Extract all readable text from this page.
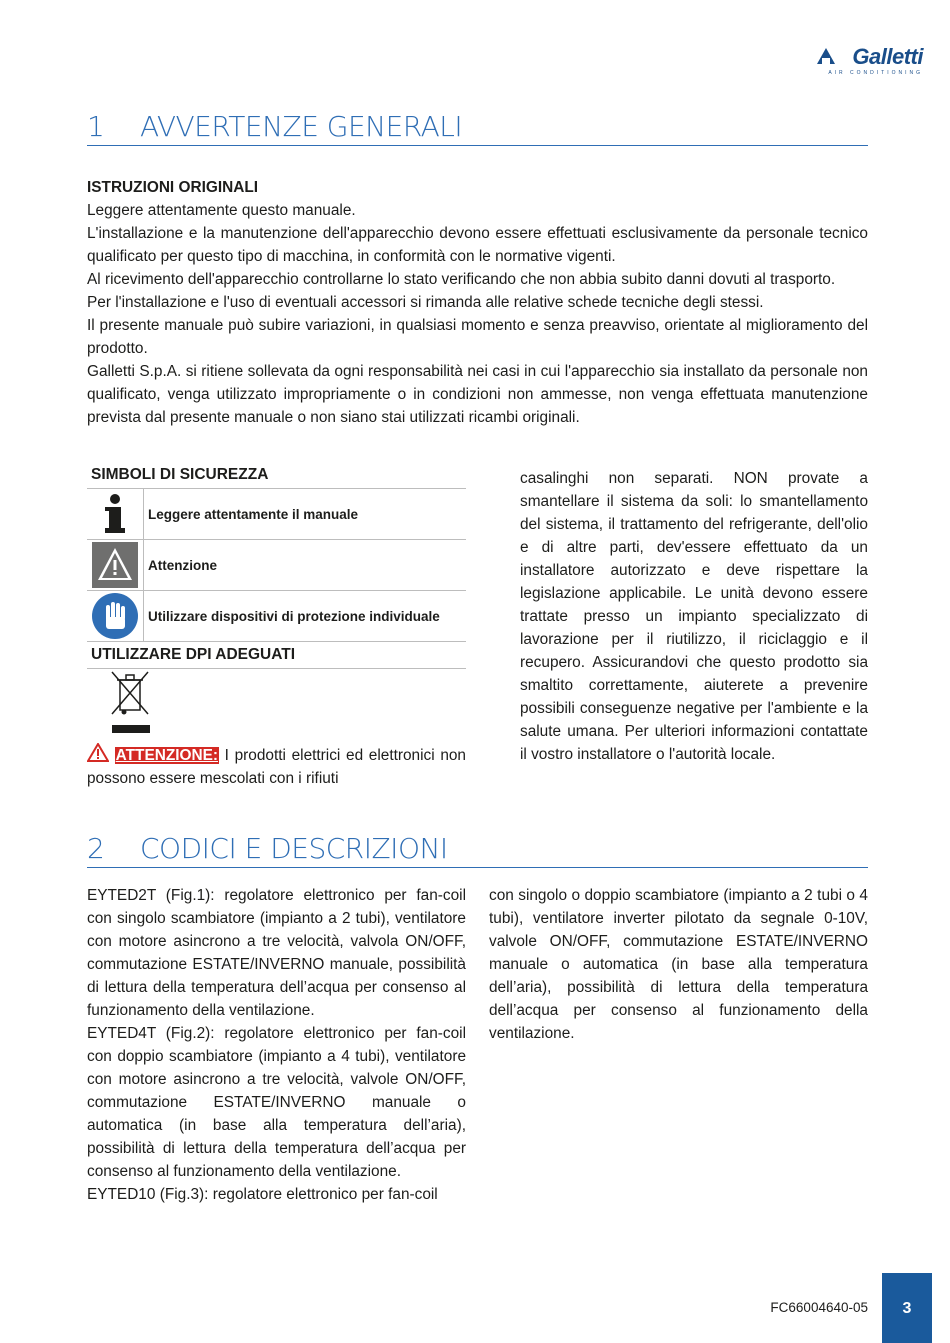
Galletti
AIR CONDITIONING
1	AVVERTENZE GENERALI

ISTRUZIONI ORIGINALI

Leggere attentamente questo manuale.

L'installazione e la manutenzione dell'apparecchio devono essere effettuati esclusivamente da personale tecnico qualificato per questo tipo di macchina, in conformità con le normative vigenti.

Al ricevimento dell'apparecchio controllarne lo stato verificando che non abbia subito danni dovuti al trasporto.

Per l'installazione e l'uso di eventuali accessori si rimanda alle relative schede tecniche degli stessi.

Il presente manuale può subire variazioni, in qualsiasi momento e senza preavviso, orientate al miglioramento del prodotto.

Galletti S.p.A. si ritiene sollevata da ogni responsabilità nei casi in cui l'apparecchio sia installato da personale non qualificato, venga utilizzato impropriamente o in condizioni non ammesse, non venga effettuata manutenzione prevista dal presente manuale o non siano stai utilizzati ricambi originali.

SIMBOLI DI SICUREZZA
Leggere attentamente il manuale
Attenzione
Utilizzare dispositivi di protezione individuale
UTILIZZARE DPI ADEGUATI
ATTENZIONE: I prodotti elettrici ed elettronici non possono essere mescolati con i rifiuti
casalinghi non separati. NON provate a smantellare il sistema da soli: lo smantellamento del sistema, il trattamento del refrigerante, dell'olio e di altre parti, dev'essere effettuato da un installatore autorizzato e deve rispettare la legislazione applicabile. Le unità devono essere trattate presso un impianto specializzato di lavorazione per il riutilizzo, il riciclaggio e il recupero. Assicurandovi che questo prodotto sia smaltito correttamente, aiuterete a prevenire possibili conseguenze negative per l'ambiente e la salute umana. Per ulteriori informazioni contattate il vostro installatore o l'autorità locale.
2	CODICI E DESCRIZIONI
EYTED2T (Fig.1): regolatore elettronico per fan-coil con singolo scambiatore (impianto a 2 tubi), ventilatore con motore asincrono a tre velocità, valvola ON/OFF, commutazione ESTATE/INVERNO manuale, possibilità di lettura della temperatura dell’acqua per consenso al funzionamento della ventilazione.
EYTED4T (Fig.2): regolatore elettronico per fan-coil con doppio scambiatore (impianto a 4 tubi), ventilatore con motore asincrono a tre velocità, valvole ON/OFF, commutazione ESTATE/INVERNO manuale o automatica (in base alla temperatura dell’aria), possibilità di lettura della temperatura dell’acqua per consenso al funzionamento della ventilazione.
EYTED10 (Fig.3): regolatore elettronico per fan-coil
con singolo o doppio scambiatore (impianto a 2 tubi o 4 tubi), ventilatore inverter pilotato da segnale 0-10V, valvole ON/OFF, commutazione ESTATE/INVERNO manuale o automatica (in base alla temperatura dell’aria), possibilità di lettura della temperatura dell’acqua per consenso al funzionamento della ventilazione.
FC66004640-05	3
